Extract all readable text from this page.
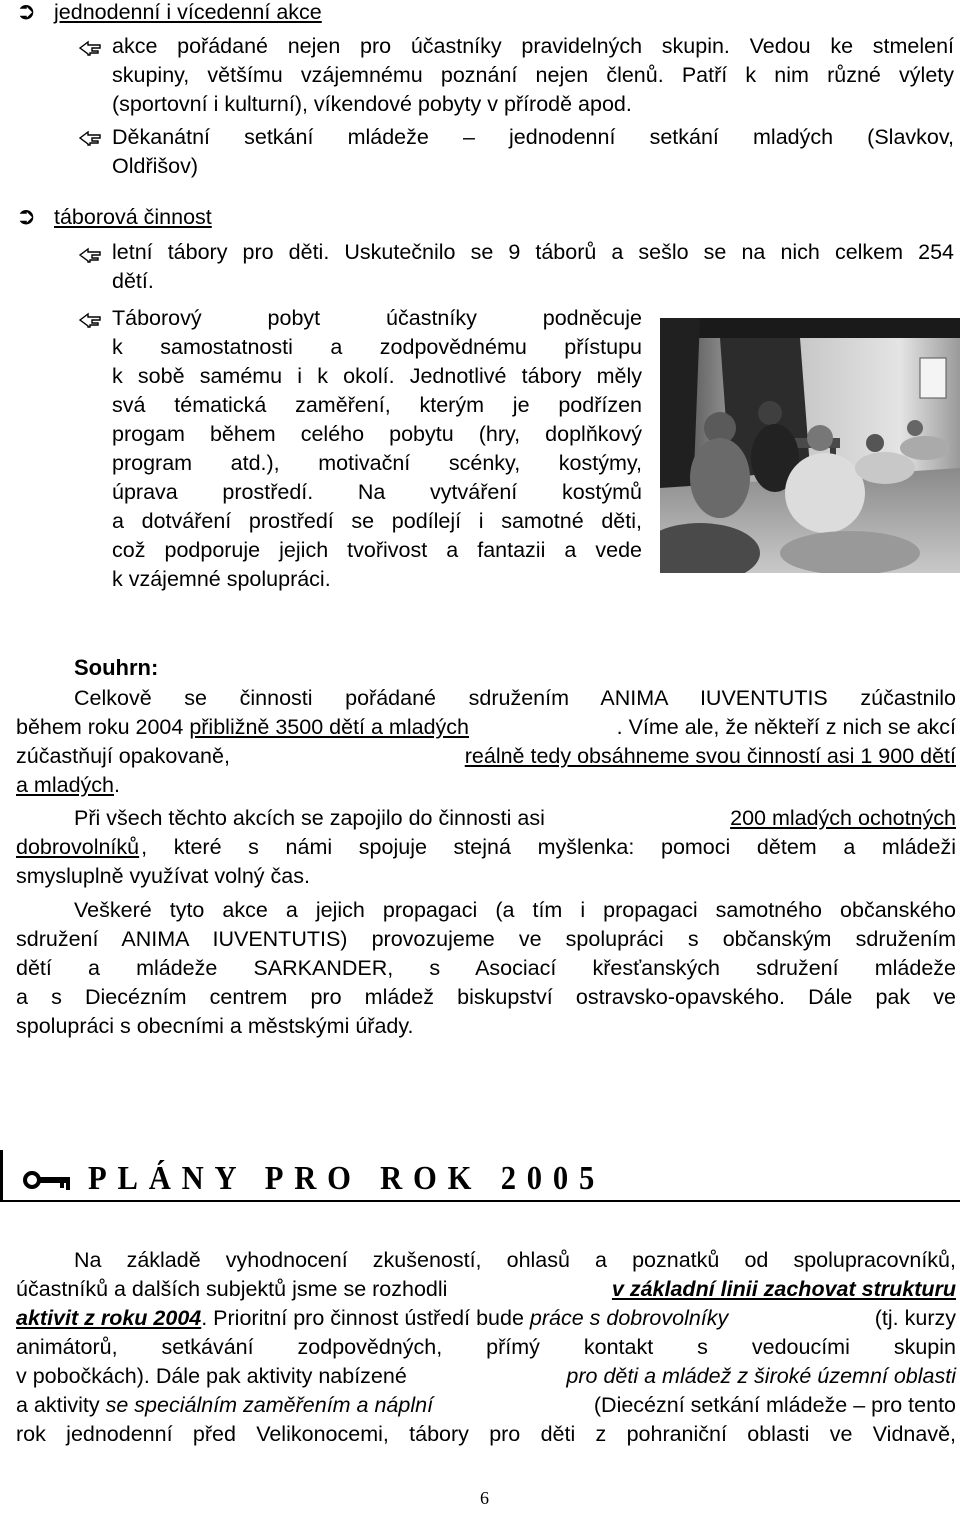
➲ jednodenní i vícedenní akce
akce pořádané nejen pro účastníky pravidelných skupin. Vedou ke stmelení
skupiny, většímu vzájemnému poznání nejen členů. Patří k nim různé výlety
(sportovní i kulturní), víkendové pobyty v přírodě apod.
Děkanátní setkání mládeže – jednodenní setkání mladých (Slavkov,
Oldřišov)
➲ táborová činnost
letní tábory pro děti. Uskutečnilo se 9 táborů a sešlo se na nich celkem 254
dětí.
Táborový pobyt účastníky podněcuje
k samostatnosti a zodpovědnému přístupu
k sobě samému i k okolí. Jednotlivé tábory měly
svá tématická zaměření, kterým je podřízen
progam během celého pobytu (hry, doplňkový
program atd.), motivační scénky, kostýmy,
úprava prostředí. Na vytváření kostýmů
a dotváření prostředí se podílejí i samotné děti,
což podporuje jejich tvořivost a fantazii a vede
k vzájemné spolupráci.
Souhrn:
Celkově se činnosti pořádané sdružením ANIMA IUVENTUTIS zúčastnilo
během roku 2004 přibližně 3500 dětí a mladých	. Víme ale, že někteří z nich se akcí
zúčastňují opakovaně,	reálně tedy obsáhneme svou činností asi 1 900 dětí
a mladých.
Při všech těchto akcích se zapojilo do činnosti asi	200 mladých ochotných
dobrovolníků , které s námi spojuje stejná myšlenka: pomoci dětem a mládeži
smysluplně využívat volný čas.
Veškeré tyto akce a jejich propagaci (a tím i propagaci samotného občanského
sdružení ANIMA IUVENTUTIS) provozujeme ve spolupráci s občanským sdružením
dětí a mládeže SARKANDER, s Asociací křesťanských sdružení mládeže
a s Diecézním centrem pro mládež biskupství ostravsko-opavského. Dále pak ve
spolupráci s obecními a městskými úřady.
PLÁNY PRO ROK 2005
Na základě vyhodnocení zkušeností, ohlasů a poznatků od spolupracovníků,
účastníků a dalších subjektů jsme se rozhodli	v základní linii zachovat strukturu
aktivit z roku 2004. Prioritní pro činnost ústředí bude práce s dobrovolníky	(tj. kurzy
animátorů, setkávání zodpovědných, přímý kontakt s vedoucími skupin
v pobočkách). Dále pak aktivity nabízené	pro děti a mládež z široké územní oblasti
a aktivity se speciálním zaměřením a náplní	(Diecézní setkání mládeže – pro tento
rok jednodenní před Velikonocemi, tábory pro děti z pohraniční oblasti ve Vidnavě,
6
